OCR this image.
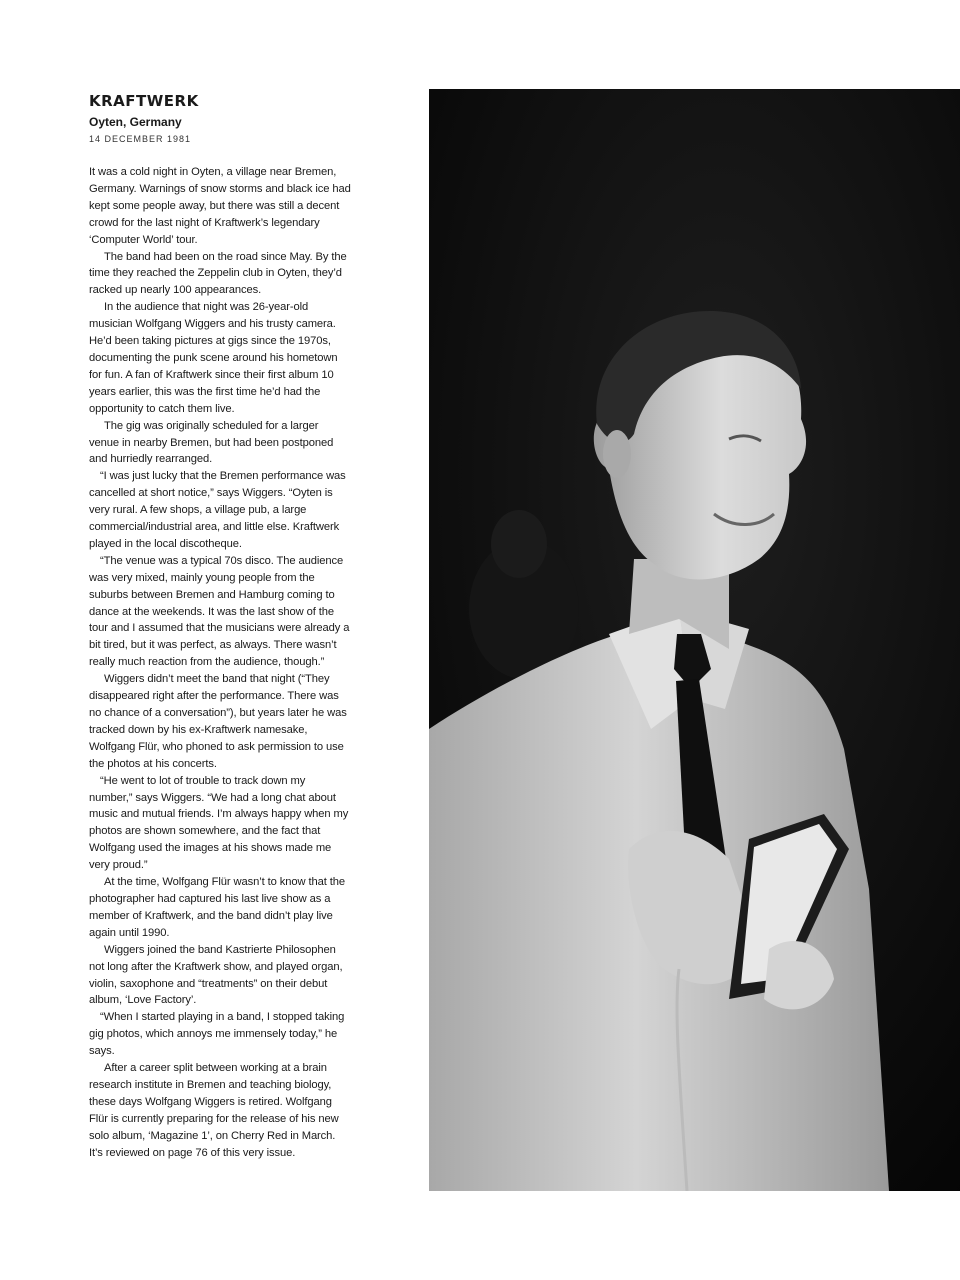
KRAFTWERK
Oyten, Germany
14 DECEMBER 1981

It was a cold night in Oyten, a village near Bremen, Germany. Warnings of snow storms and black ice had kept some people away, but there was still a decent crowd for the last night of Kraftwerk’s legendary ‘Computer World’ tour.

The band had been on the road since May. By the time they reached the Zeppelin club in Oyten, they’d racked up nearly 100 appearances.

In the audience that night was 26-year-old musician Wolfgang Wiggers and his trusty camera. He’d been taking pictures at gigs since the 1970s, documenting the punk scene around his hometown for fun. A fan of Kraftwerk since their first album 10 years earlier, this was the first time he’d had the opportunity to catch them live.

The gig was originally scheduled for a larger venue in nearby Bremen, but had been postponed and hurriedly rearranged.

“I was just lucky that the Bremen performance was cancelled at short notice,” says Wiggers. “Oyten is very rural. A few shops, a village pub, a large commercial/industrial area, and little else. Kraftwerk played in the local discotheque.

“The venue was a typical 70s disco. The audience was very mixed, mainly young people from the suburbs between Bremen and Hamburg coming to dance at the weekends. It was the last show of the tour and I assumed that the musicians were already a bit tired, but it was perfect, as always. There wasn’t really much reaction from the audience, though.”

Wiggers didn’t meet the band that night (“They disappeared right after the performance. There was no chance of a conversation”), but years later he was tracked down by his ex-Kraftwerk namesake, Wolfgang Flür, who phoned to ask permission to use the photos at his concerts.

“He went to lot of trouble to track down my number,” says Wiggers. “We had a long chat about music and mutual friends. I’m always happy when my photos are shown somewhere, and the fact that Wolfgang used the images at his shows made me very proud.”

At the time, Wolfgang Flür wasn’t to know that the photographer had captured his last live show as a member of Kraftwerk, and the band didn’t play live again until 1990.

Wiggers joined the band Kastrierte Philosophen not long after the Kraftwerk show, and played organ, violin, saxophone and “treatments” on their debut album, ‘Love Factory’.

“When I started playing in a band, I stopped taking gig photos, which annoys me immensely today,” he says.

After a career split between working at a brain research institute in Bremen and teaching biology, these days Wolfgang Wiggers is retired. Wolfgang Flür is currently preparing for the release of his new solo album, ‘Magazine 1’, on Cherry Red in March. It’s reviewed on page 76 of this very issue.
